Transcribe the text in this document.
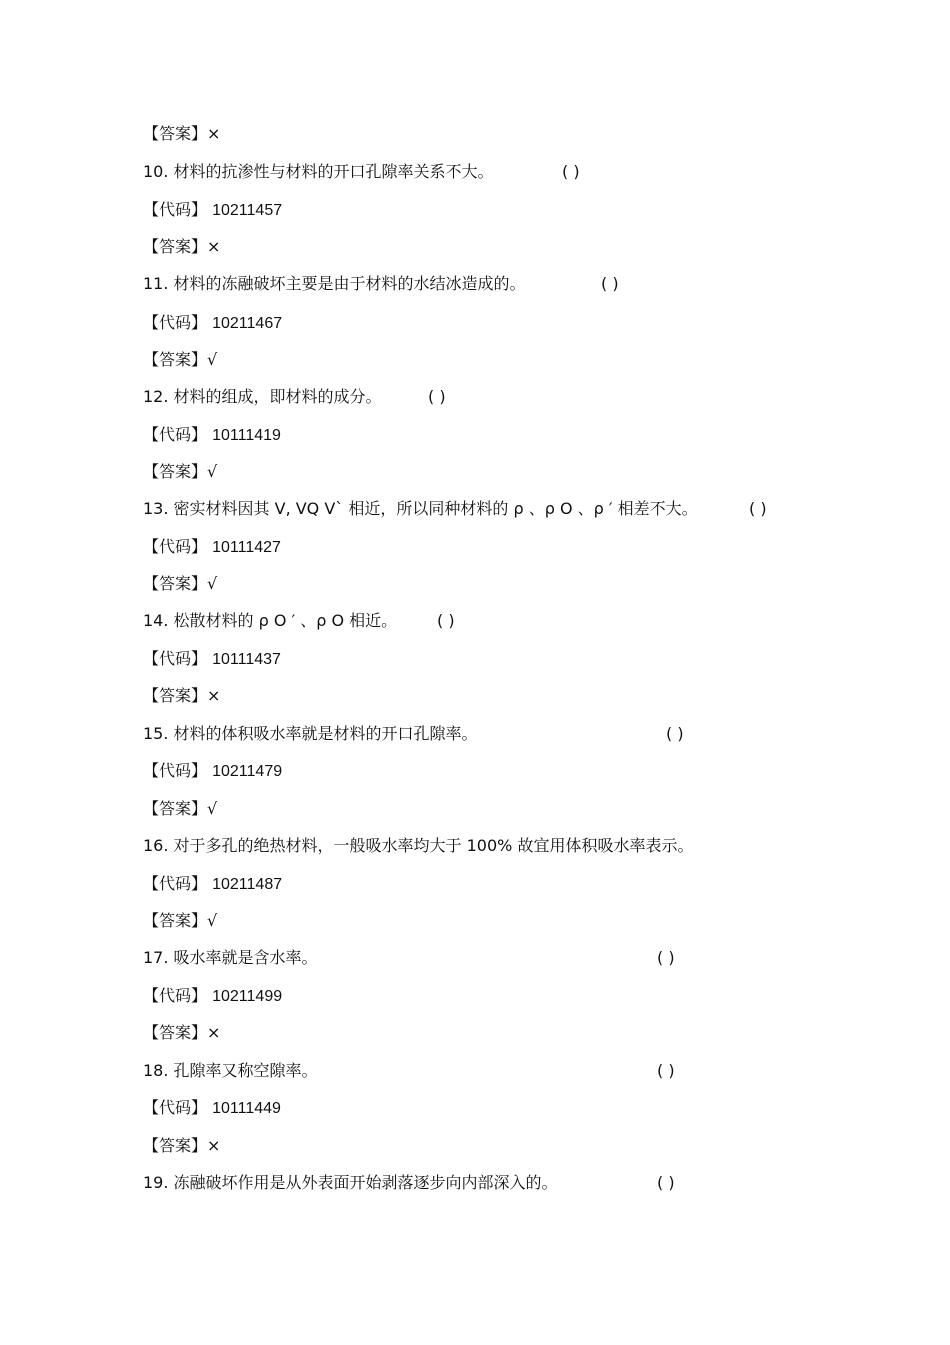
【答案】×
10. 材料的抗渗性与材料的开口孔隙率关系不大。	( )
【代码】 10211457
【答案】×
11. 材料的冻融破坏主要是由于材料的水结冰造成的。	( )
【代码】 10211467
【答案】√
12. 材料的组成，即材料的成分。	( )
【代码】 10111419
【答案】√
13. 密实材料因其 V, VQ V` 相近，所以同种材料的 ρ 、ρ O 、ρ ′ 相差不大。	( )
【代码】 10111427
【答案】√
14. 松散材料的 ρ O ′ 、ρ O 相近。 ( )
【代码】 10111437
【答案】×
15. 材料的体积吸水率就是材料的开口孔隙率。	( )
【代码】 10211479
【答案】√
16. 对于多孔的绝热材料，一般吸水率均大于 100% 故宜用体积吸水率表示。
【代码】 10211487
【答案】√
17. 吸水率就是含水率。	( )
【代码】 10211499
【答案】×
18. 孔隙率又称空隙率。	( )
【代码】 10111449
【答案】×
19. 冻融破坏作用是从外表面开始剥落逐步向内部深入的。	( )
